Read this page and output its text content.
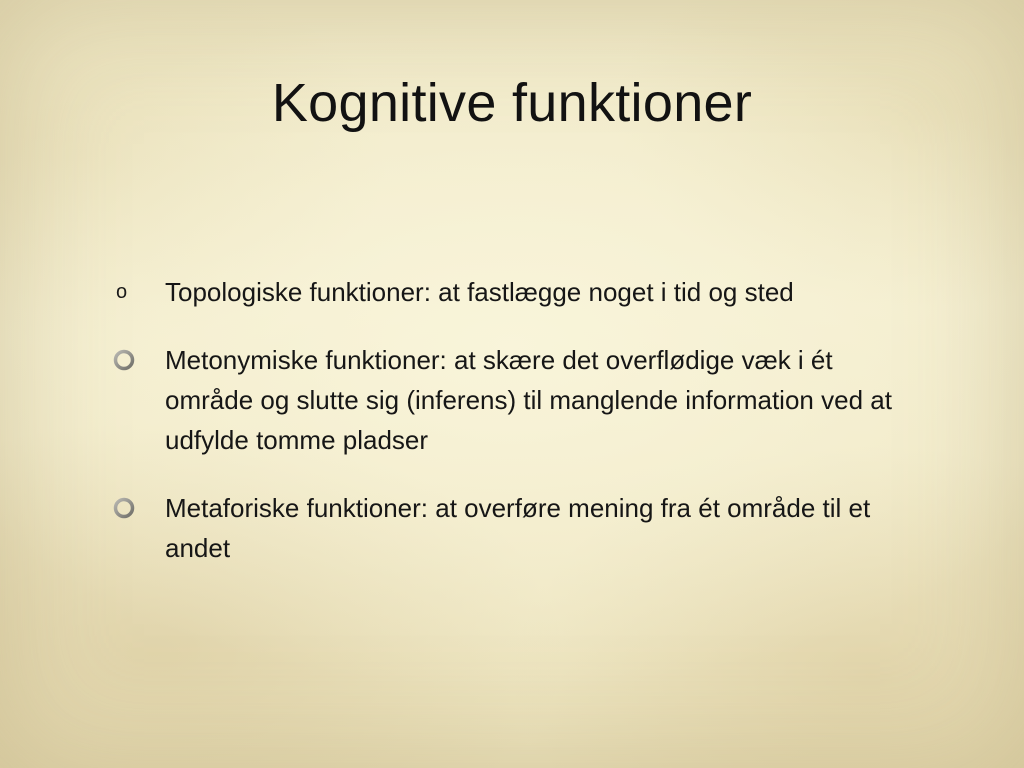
Kognitive funktioner
o Topologiske funktioner: at fastlægge noget i tid og sted
Metonymiske funktioner: at skære det overflødige væk i ét område og slutte sig (inferens) til manglende information ved at udfylde tomme pladser
Metaforiske funktioner: at overføre mening fra ét område til et andet
